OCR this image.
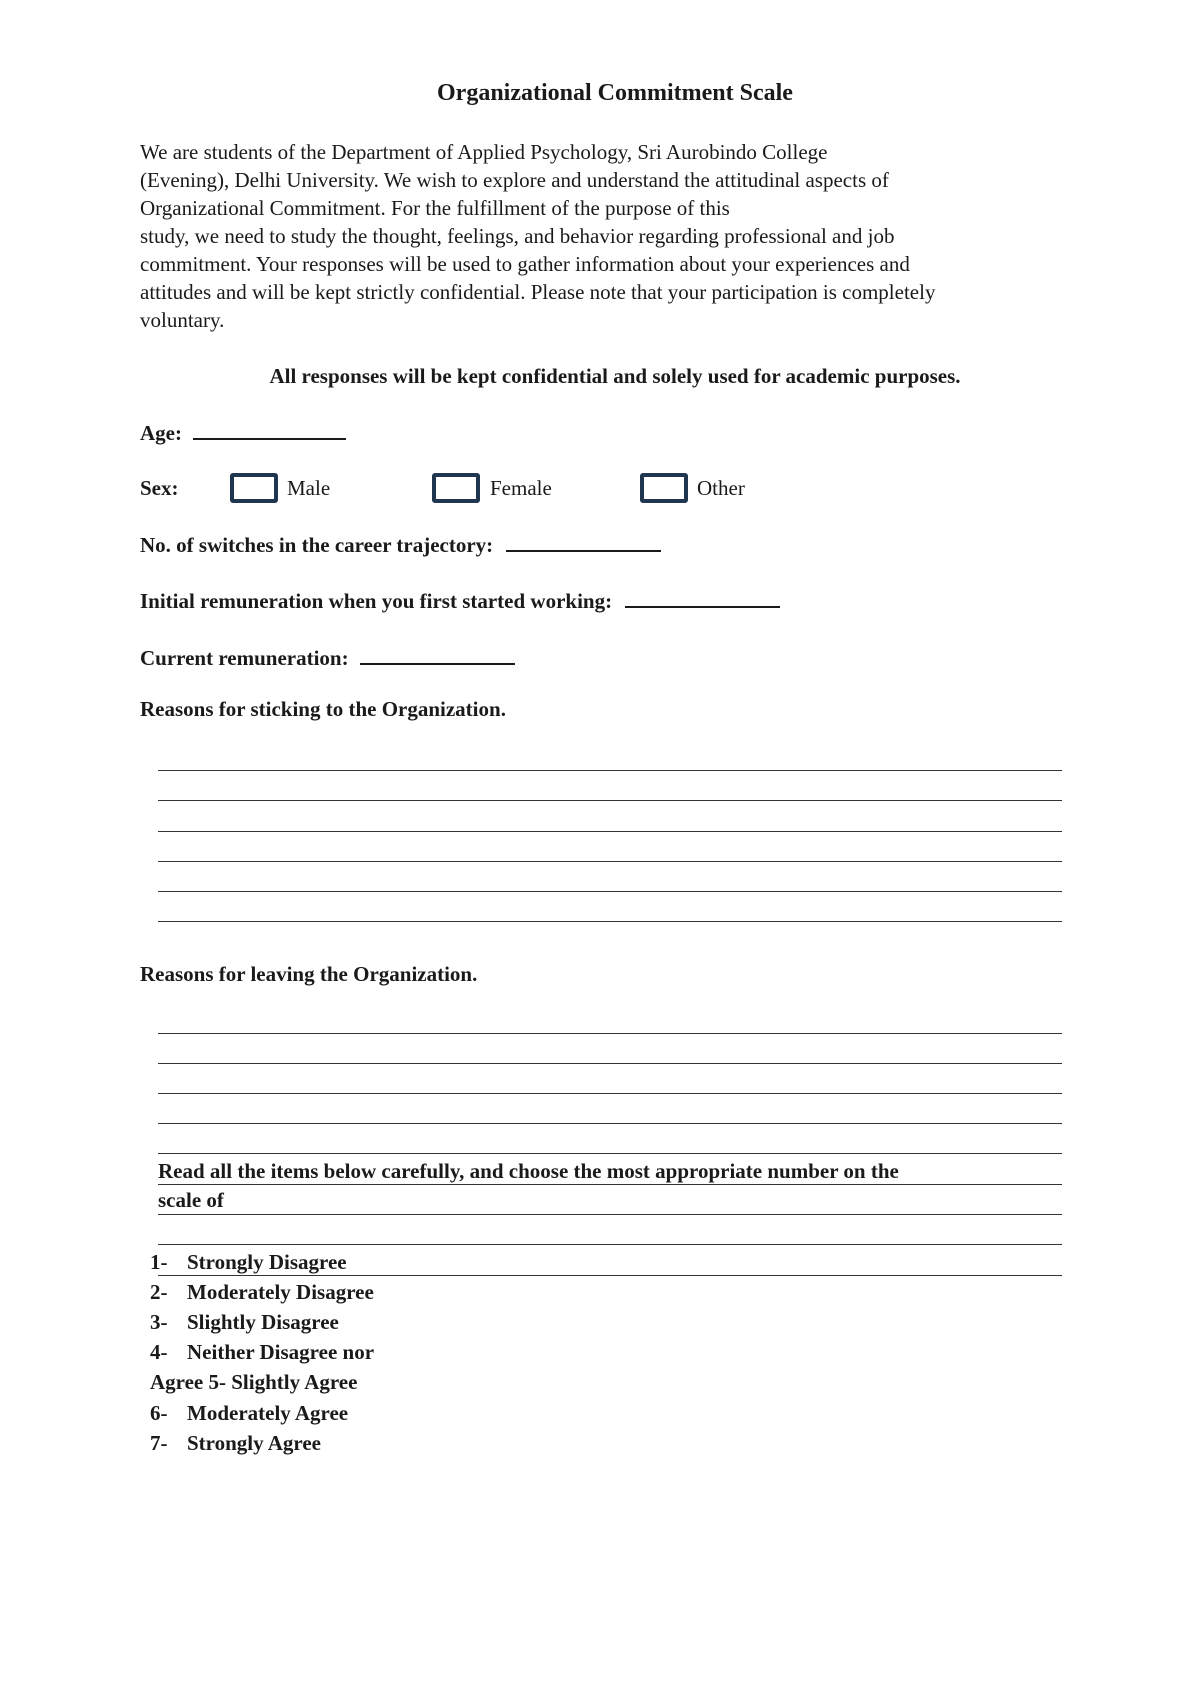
Organizational Commitment Scale
We are students of the Department of Applied Psychology, Sri Aurobindo College
(Evening), Delhi University. We wish to explore and understand the attitudinal aspects of
Organizational Commitment. For the fulfillment of the purpose of this
study, we need to study the thought, feelings, and behavior regarding professional and job
commitment. Your responses will be used to gather information about your experiences and
attitudes and will be kept strictly confidential. Please note that your participation is completely
voluntary.
All responses will be kept confidential and solely used for academic purposes.
Age:
Sex:	Male	Female	Other
No. of switches in the career trajectory:
Initial remuneration when you first started working:
Current remuneration:
Reasons for sticking to the Organization.
Reasons for leaving the Organization.
Read all the items below carefully, and choose the most appropriate number on the
scale of
1- Strongly Disagree
2- Moderately Disagree
3- Slightly Disagree
4- Neither Disagree nor
Agree 5- Slightly Agree
6- Moderately Agree
7- Strongly Agree
